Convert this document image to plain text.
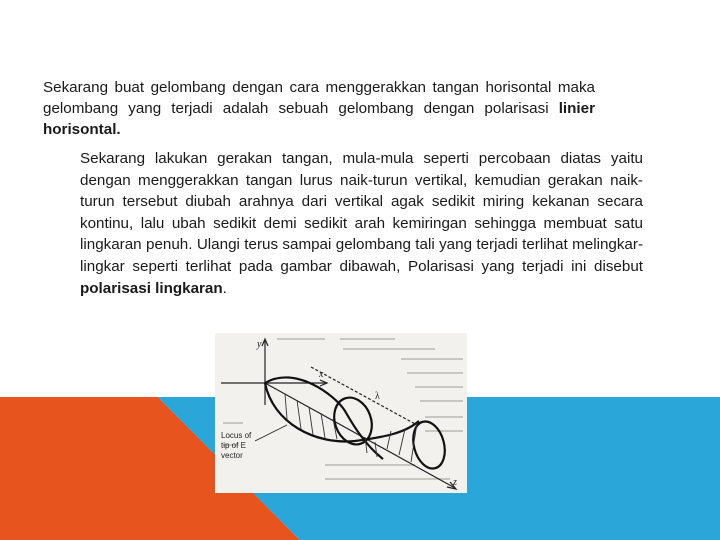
Sekarang buat gelombang dengan cara menggerakkan tangan horisontal maka gelombang yang terjadi adalah sebuah gelombang dengan polarisasi linier horisontal.

Sekarang lakukan gerakan tangan, mula-mula seperti percobaan diatas yaitu dengan menggerakkan tangan lurus naik-turun vertikal, kemudian gerakan naik-turun tersebut diubah arahnya dari vertikal agak sedikit miring kekanan secara kontinu, lalu ubah sedikit demi sedikit arah kemiringan sehingga membuat satu lingkaran penuh. Ulangi terus sampai gelombang tali yang terjadi terlihat melingkar-lingkar seperti terlihat pada gambar dibawah, Polarisasi yang terjadi ini disebut polarisasi lingkaran.

y
x
z
λ
Locus of
tip of E
vector
